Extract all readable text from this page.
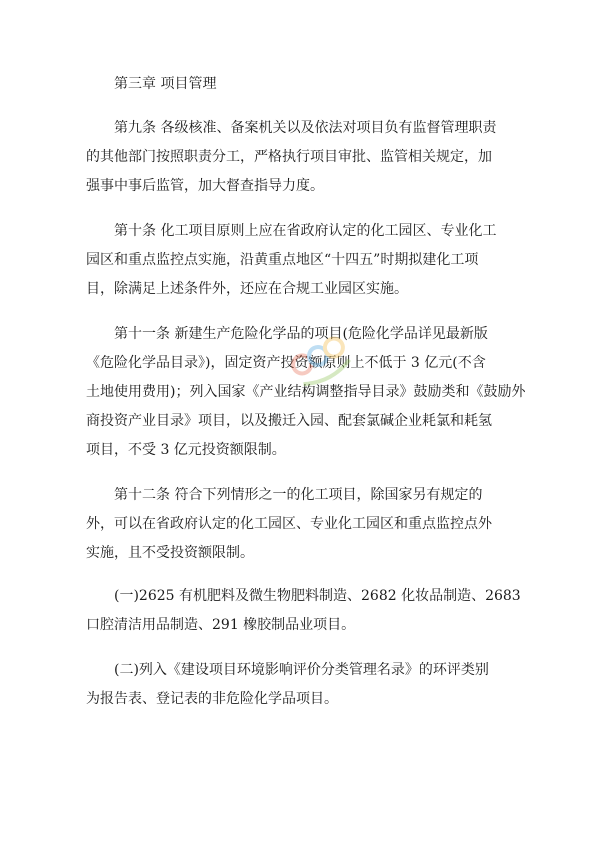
第三章 项目管理

　　第九条 各级核准、备案机关以及依法对项目负有监督管理职责
的其他部门按照职责分工，严格执行项目审批、监管相关规定，加
强事中事后监管，加大督查指导力度。

　　第十条 化工项目原则上应在省政府认定的化工园区、专业化工
园区和重点监控点实施，沿黄重点地区“十四五”时期拟建化工项
目，除满足上述条件外，还应在合规工业园区实施。

　　第十一条 新建生产危险化学品的项目(危险化学品详见最新版
《危险化学品目录》)，固定资产投资额原则上不低于 3 亿元(不含
土地使用费用)；列入国家《产业结构调整指导目录》鼓励类和《鼓励外
商投资产业目录》项目，以及搬迁入园、配套氯碱企业耗氯和耗氢
项目，不受 3 亿元投资额限制。

　　第十二条 符合下列情形之一的化工项目，除国家另有规定的
外，可以在省政府认定的化工园区、专业化工园区和重点监控点外
实施，且不受投资额限制。

　　(一)2625 有机肥料及微生物肥料制造、2682 化妆品制造、2683
口腔清洁用品制造、291 橡胶制品业项目。

　　(二)列入《建设项目环境影响评价分类管理名录》的环评类别
为报告表、登记表的非危险化学品项目。
